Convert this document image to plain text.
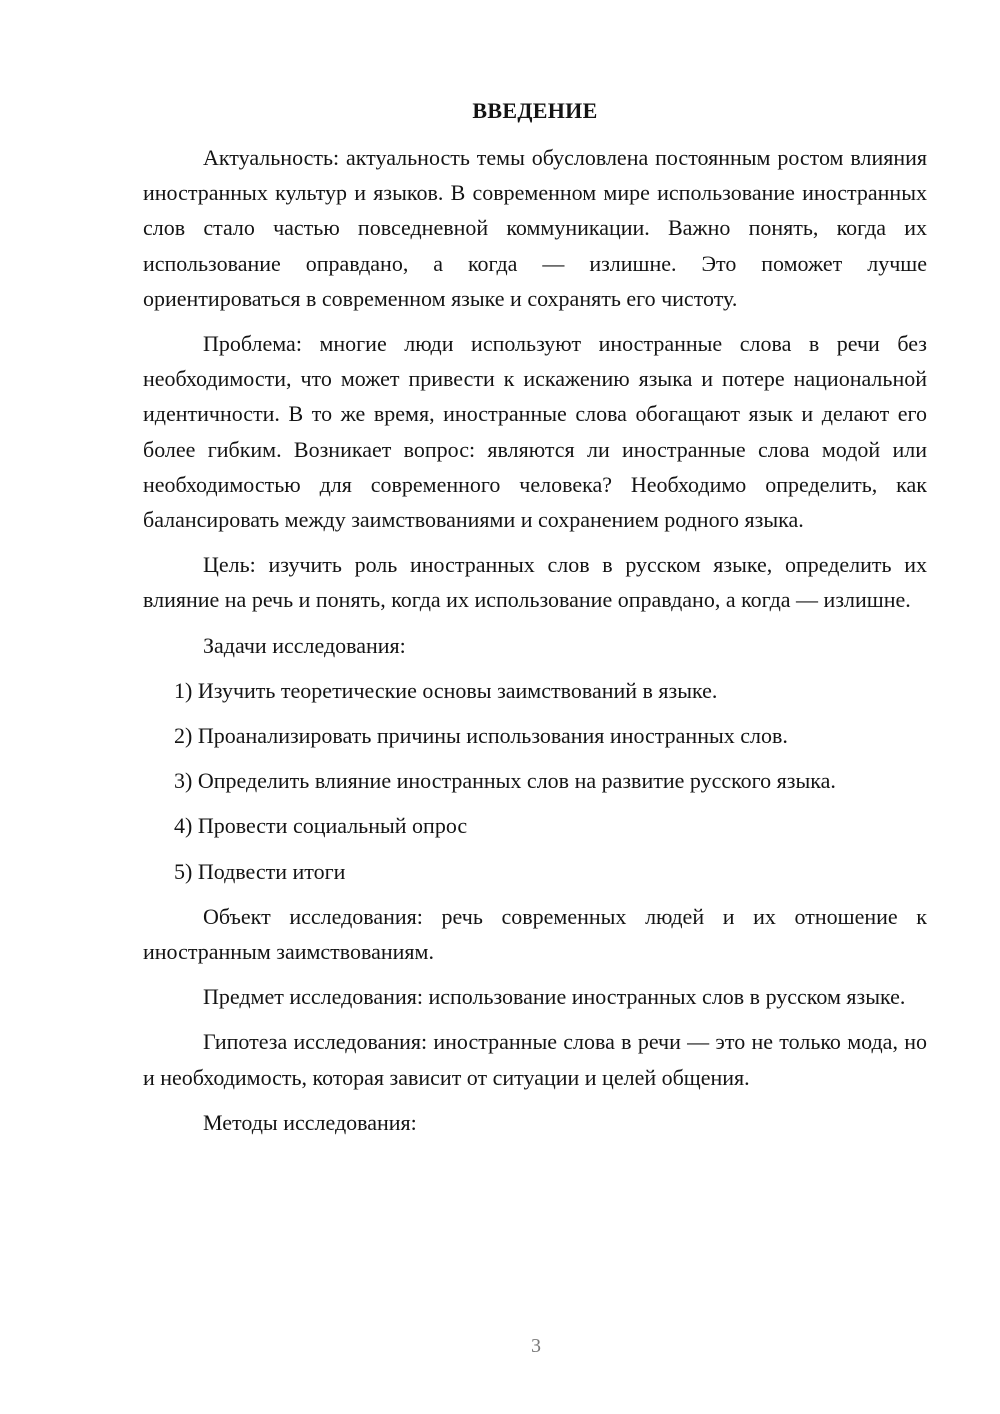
ВВЕДЕНИЕ

Актуальность: актуальность темы обусловлена постоянным ростом влияния иностранных культур и языков. В современном мире использование иностранных слов стало частью повседневной коммуникации. Важно понять, когда их использование оправдано, а когда — излишне. Это поможет лучше ориентироваться в современном языке и сохранять его чистоту.

Проблема: многие люди используют иностранные слова в речи без необходимости, что может привести к искажению языка и потере национальной идентичности. В то же время, иностранные слова обогащают язык и делают его более гибким. Возникает вопрос: являются ли иностранные слова модой или необходимостью для современного человека? Необходимо определить, как балансировать между заимствованиями и сохранением родного языка.

Цель: изучить роль иностранных слов в русском языке, определить их влияние на речь и понять, когда их использование оправдано, а когда — излишне.

Задачи исследования:

1) Изучить теоретические основы заимствований в языке.

2) Проанализировать причины использования иностранных слов.

3) Определить влияние иностранных слов на развитие русского языка.

4) Провести социальный опрос

5) Подвести итоги

Объект исследования: речь современных людей и их отношение к иностранным заимствованиям.

Предмет исследования: использование иностранных слов в русском языке.

Гипотеза исследования: иностранные слова в речи — это не только мода, но и необходимость, которая зависит от ситуации и целей общения.

Методы исследования:

3
